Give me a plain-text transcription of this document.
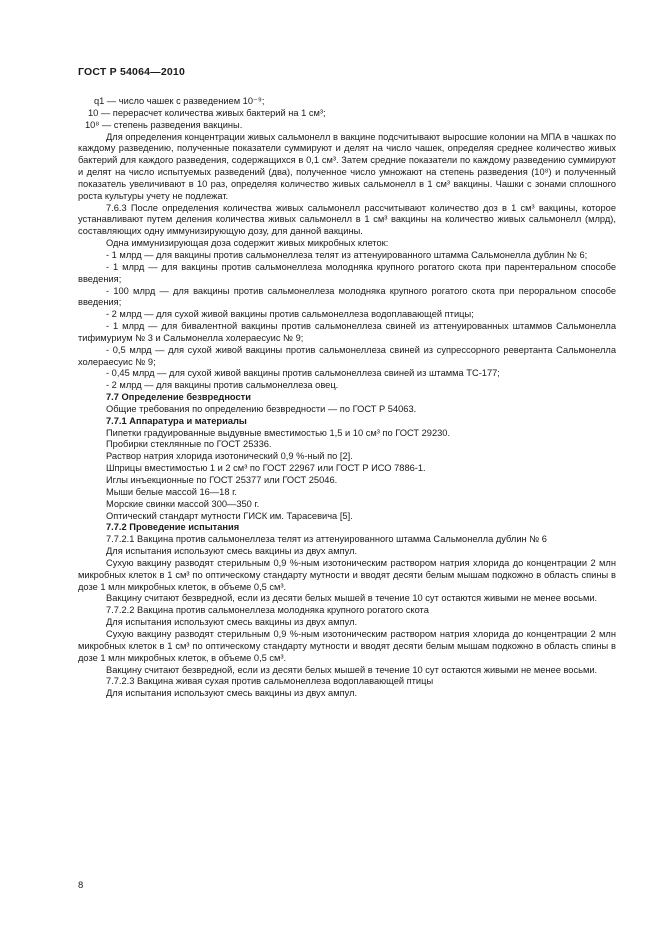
ГОСТ Р 54064—2010

q1 — число чашек с разведением 10⁻⁹;

10 — перерасчет количества живых бактерий на 1 см³;

10⁸ — степень разведения вакцины.

Для определения концентрации живых сальмонелл в вакцине подсчитывают выросшие колонии на МПА в чашках по каждому разведению, полученные показатели суммируют и делят на число чашек, определяя среднее количество живых бактерий для каждого разведения, содержащихся в 0,1 см³. Затем средние показатели по каждому разведению суммируют и делят на число испытуемых разведений (два), полученное число умножают на степень разведения (10⁸) и полученный показатель увеличивают в 10 раз, определяя количество живых сальмонелл в 1 см³ вакцины. Чашки с зонами сплошного роста культуры учету не подлежат.

7.6.3 После определения количества живых сальмонелл рассчитывают количество доз в 1 см³ вакцины, которое устанавливают путем деления количества живых сальмонелл в 1 см³ вакцины на количество живых сальмонелл (млрд), составляющих одну иммунизирующую дозу, для данной вакцины.

Одна иммунизирующая доза содержит живых микробных клеток:

- 1 млрд — для вакцины против сальмонеллеза телят из аттенуированного штамма Сальмонелла дублин № 6;

- 1 млрд — для вакцины против сальмонеллеза молодняка крупного рогатого скота при парентеральном способе введения;

- 100 млрд — для вакцины против сальмонеллеза молодняка крупного рогатого скота при пероральном способе введения;

- 2 млрд — для сухой живой вакцины против сальмонеллеза водоплавающей птицы;

- 1 млрд — для бивалентной вакцины против сальмонеллеза свиней из аттенуированных штаммов Сальмонелла тифимуриум № 3 и Сальмонелла холераесуис № 9;

- 0,5 млрд — для сухой живой вакцины против сальмонеллеза свиней из супрессорного ревертанта Сальмонелла холераесуис № 9;

- 0,45 млрд — для сухой живой вакцины против сальмонеллеза свиней из штамма ТС-177;

- 2 млрд — для вакцины против сальмонеллеза овец.

7.7 Определение безвредности

Общие требования по определению безвредности — по ГОСТ Р 54063.

7.7.1 Аппаратура и материалы

Пипетки градуированные выдувные вместимостью 1,5 и 10 см³ по ГОСТ 29230.

Пробирки стеклянные по ГОСТ 25336.

Раствор натрия хлорида изотонический 0,9 %-ный по [2].

Шприцы вместимостью 1 и 2 см³ по ГОСТ 22967 или ГОСТ Р ИСО 7886-1.

Иглы инъекционные по ГОСТ 25377 или ГОСТ 25046.

Мыши белые массой 16—18 г.

Морские свинки массой 300—350 г.

Оптический стандарт мутности ГИСК им. Тарасевича [5].

7.7.2 Проведение испытания

7.7.2.1 Вакцина против сальмонеллеза телят из аттенуированного штамма Сальмонелла дублин № 6

Для испытания используют смесь вакцины из двух ампул.

Сухую вакцину разводят стерильным 0,9 %-ным изотоническим раствором натрия хлорида до концентрации 2 млн микробных клеток в 1 см³ по оптическому стандарту мутности и вводят десяти белым мышам подкожно в область спины в дозе 1 млн микробных клеток, в объеме 0,5 см³.

Вакцину считают безвредной, если из десяти белых мышей в течение 10 сут остаются живыми не менее восьми.

7.7.2.2 Вакцина против сальмонеллеза молодняка крупного рогатого скота

Для испытания используют смесь вакцины из двух ампул.

Сухую вакцину разводят стерильным 0,9 %-ным изотоническим раствором натрия хлорида до концентрации 2 млн микробных клеток в 1 см³ по оптическому стандарту мутности и вводят десяти белым мышам подкожно в область спины в дозе 1 млн микробных клеток, в объеме 0,5 см³.

Вакцину считают безвредной, если из десяти белых мышей в течение 10 сут остаются живыми не менее восьми.

7.7.2.3 Вакцина живая сухая против сальмонеллеза водоплавающей птицы

Для испытания используют смесь вакцины из двух ампул.

8
